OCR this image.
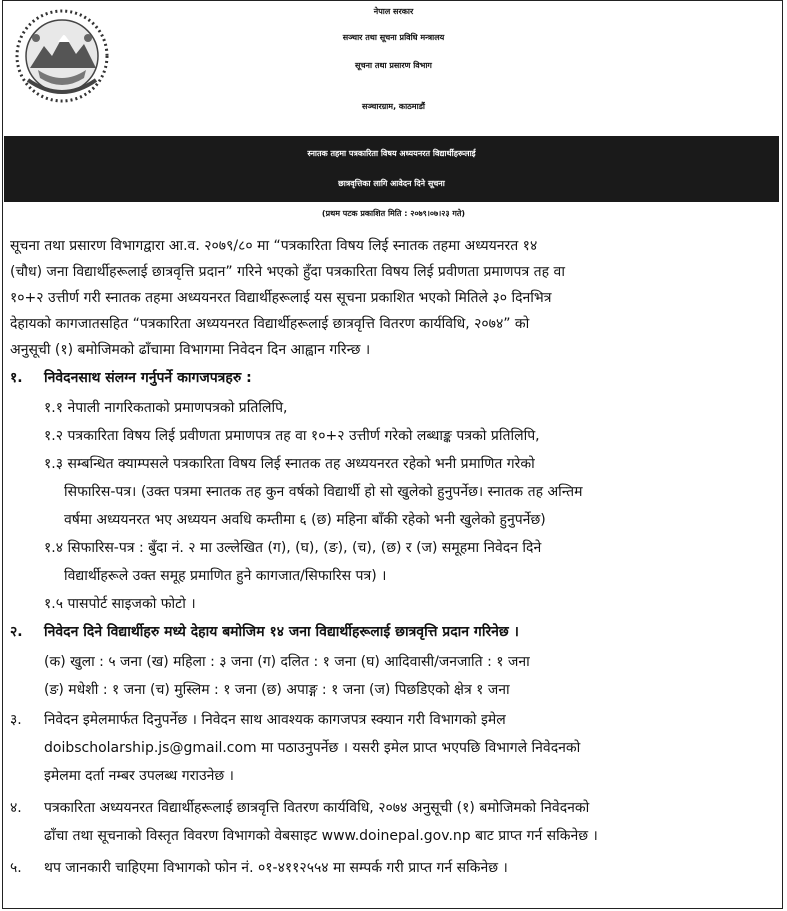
नेपाल सरकार
सञ्चार तथा सूचना प्रविधि मन्त्रालय
सूचना तथा प्रसारण विभाग
सञ्चारग्राम, काठमाडौं
स्नातक तहमा पत्रकारिता विषय अध्ययनरत विद्यार्थीहरूलाई
छात्रवृत्तिका लागि आवेदन दिने सूचना
(प्रथम पटक प्रकाशित मिति : २०७९।०७।२३ गते)
सूचना तथा प्रसारण विभागद्वारा आ.व. २०७९/८० मा “पत्रकारिता विषय लिई स्नातक तहमा अध्ययनरत १४
(चौध) जना विद्यार्थीहरूलाई छात्रवृत्ति प्रदान” गरिने भएको हुँदा पत्रकारिता विषय लिई प्रवीणता प्रमाणपत्र तह वा
१०+२ उत्तीर्ण गरी स्नातक तहमा अध्ययनरत विद्यार्थीहरूलाई यस सूचना प्रकाशित भएको मितिले ३० दिनभित्र
देहायको कागजातसहित “पत्रकारिता अध्ययनरत विद्यार्थीहरूलाई छात्रवृत्ति वितरण कार्यविधि, २०७४” को
अनुसूची (१) बमोजिमको ढाँचामा विभागमा निवेदन दिन आह्वान गरिन्छ ।
१. निवेदनसाथ संलग्न गर्नुपर्ने कागजपत्रहरु :
१.१ नेपाली नागरिकताको प्रमाणपत्रको प्रतिलिपि,
१.२ पत्रकारिता विषय लिई प्रवीणता प्रमाणपत्र तह वा १०+२ उत्तीर्ण गरेको लब्धाङ्क पत्रको प्रतिलिपि,
१.३ सम्बन्धित क्याम्पसले पत्रकारिता विषय लिई स्नातक तह अध्ययनरत रहेको भनी प्रमाणित गरेको
सिफारिस-पत्र। (उक्त पत्रमा स्नातक तह कुन वर्षको विद्यार्थी हो सो खुलेको हुनुपर्नेछ। स्नातक तह अन्तिम
वर्षमा अध्ययनरत भए अध्ययन अवधि कम्तीमा ६ (छ) महिना बाँकी रहेको भनी खुलेको हुनुपर्नेछ)
१.४ सिफारिस-पत्र : बुँदा नं. २ मा उल्लेखित (ग), (घ), (ङ), (च), (छ) र (ज) समूहमा निवेदन दिने
विद्यार्थीहरूले उक्त समूह प्रमाणित हुने कागजात/सिफारिस पत्र) ।
१.५ पासपोर्ट साइजको फोटो ।
२. निवेदन दिने विद्यार्थीहरु मध्ये देहाय बमोजिम १४ जना विद्यार्थीहरूलाई छात्रवृत्ति प्रदान गरिनेछ ।
(क) खुला : ५ जना (ख) महिला : ३ जना (ग) दलित : १ जना (घ) आदिवासी/जनजाति : १ जना
(ङ) मधेशी : १ जना (च) मुस्लिम : १ जना (छ) अपाङ्ग : १ जना (ज) पिछडिएको क्षेत्र १ जना
३. निवेदन इमेलमार्फत दिनुपर्नेछ । निवेदन साथ आवश्यक कागजपत्र स्क्यान गरी विभागको इमेल
doibscholarship.js@gmail.com मा पठाउनुपर्नेछ । यसरी इमेल प्राप्त भएपछि विभागले निवेदनको
इमेलमा दर्ता नम्बर उपलब्ध गराउनेछ ।
४. पत्रकारिता अध्ययनरत विद्यार्थीहरूलाई छात्रवृत्ति वितरण कार्यविधि, २०७४ अनुसूची (१) बमोजिमको निवेदनको
ढाँचा तथा सूचनाको विस्तृत विवरण विभागको वेबसाइट www.doinepal.gov.np बाट प्राप्त गर्न सकिनेछ ।
५. थप जानकारी चाहिएमा विभागको फोन नं. ०१-४११२५५४ मा सम्पर्क गरी प्राप्त गर्न सकिनेछ ।
